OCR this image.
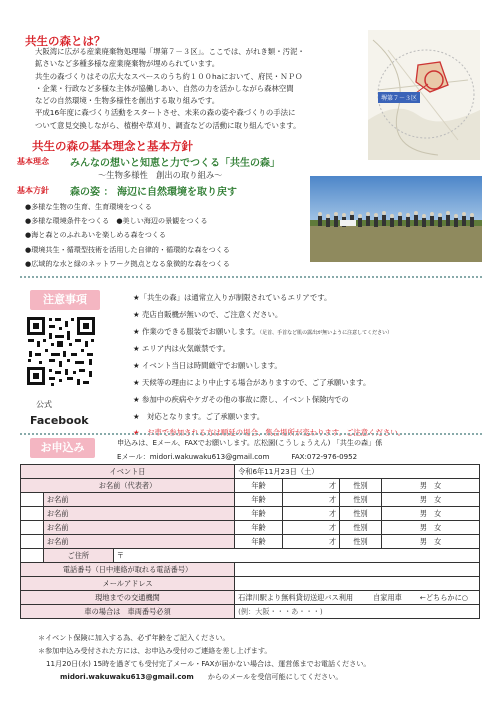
共生の森とは？
大阪湾に広がる産業廃棄物処理場「堺第７－３区」。ここでは、がれき類・汚泥・
鉱さいなど多種多様な産業廃棄物が埋められています。
共生の森づくりはその広大なスペースのうち約１００haにおいて、府民・ＮＰＯ
・企業・行政など多様な主体が協働しあい、自然の力を活かしながら森林空間
などの自然環境・生物多様性を創出する取り組みです。
平成16年度に森づくり活動をスタートさせ、未来の森の姿や森づくりの手法に
ついて意見交換しながら、植樹や草刈り、調査などの活動に取り組んでいます。
堺第７－３区
共生の森の基本理念と基本方針
基本理念 みんなの想いと知恵と力でつくる「共生の森」
～生物多様性　創出の取り組み～
基本方針 森の姿 ： 海辺に自然環境を取り戻す
●多様な生物の生育、生育環境をつくる
●多様な環境条件をつくる　●美しい海辺の景観をつくる
●海と森とのふれあいを楽しめる森をつくる
●環境共生・循環型技術を活用した自律的・循環的な森をつくる
●広域的な水と緑のネットワーク拠点となる象徴的な森をつくる
注意事項
公式
Facebook
★「共生の森」は通常立入りが制限されているエリアです。
★ 売店自販機が無いので、ご注意ください。
★ 作業のできる服装でお願いします。（足首、手首など肌の露出が無いように注意してください）
★ エリア内は火気厳禁です。
★ イベント当日は時間厳守でお願いします。
★ 天候等の理由により中止する場合がありますので、ご了承願います。
★ 参加中の疾病やケガその他の事故に際し、イベント保険内での
★　対応となります。ご了承願います。
★　お車で参加される方は順延の場合、集合場所が変わります。ご注意ください。
お申込み	申込みは、Eメール、FAXでお願いします。広松園(こうしょうえん) 「共生の森」係
Eメール：midori.wakuwaku613@gmail.com	FAX:072-976-0952
イベント日			令和6年11月23日（土）			
お名前（代表者）			年齢	才	性別	男　女
	お名前		年齢	才	性別	男　女
	お名前		年齢	才	性別	男　女
	お名前		年齢	才	性別	男　女
	お名前		年齢	才	性別	男　女
	ご住所	〒				
電話番号（日中連絡が取れる電話番号）						
メールアドレス						
現地までの交通機関			石津川駅より無料貸切送迎バス利用 自家用車 ←どちらかに○			
車の場合は　車両番号必須			(例：大阪・・・あ・・・)			
＊イベント保険に加入する為、必ず年齢をご記入ください。
＊参加申込み受付された方には、お申込み受付のご連絡を差し上げます。
11月20日(水) 15時を過ぎても受付完了メール・FAXが届かない場合は、運営係までお電話ください。
midori.wakuwaku613@gmail.com からのメールを受信可能にしてください。
